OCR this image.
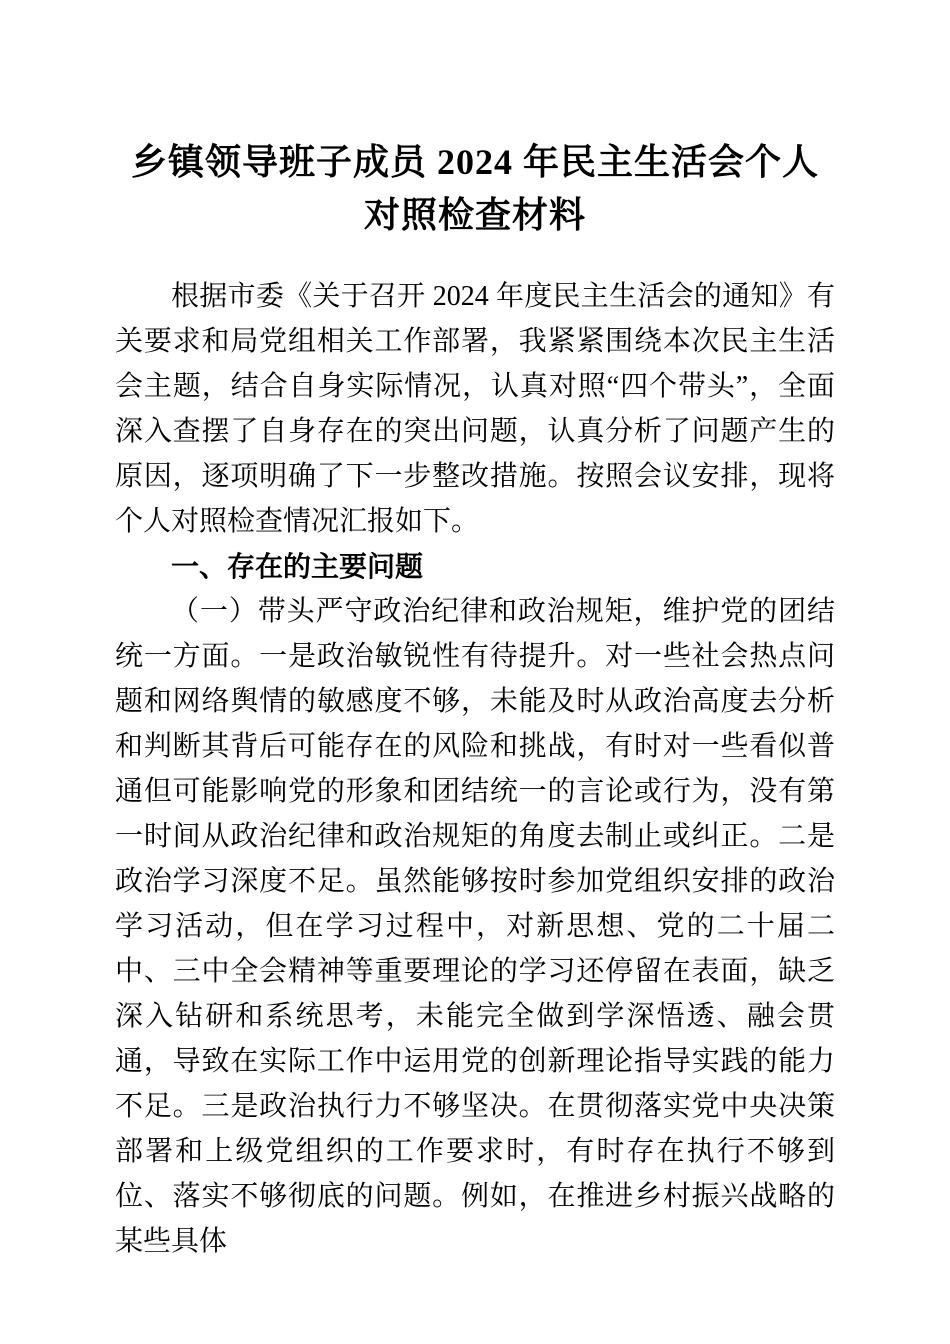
乡镇领导班子成员 2024 年民主生活会个人对照检查材料

根据市委《关于召开 2024 年度民主生活会的通知》有关要求和局党组相关工作部署，我紧紧围绕本次民主生活会主题，结合自身实际情况，认真对照“四个带头”，全面深入查摆了自身存在的突出问题，认真分析了问题产生的原因，逐项明确了下一步整改措施。按照会议安排，现将个人对照检查情况汇报如下。

一、存在的主要问题

（一）带头严守政治纪律和政治规矩，维护党的团结统一方面。一是政治敏锐性有待提升。对一些社会热点问题和网络舆情的敏感度不够，未能及时从政治高度去分析和判断其背后可能存在的风险和挑战，有时对一些看似普通但可能影响党的形象和团结统一的言论或行为，没有第一时间从政治纪律和政治规矩的角度去制止或纠正。二是政治学习深度不足。虽然能够按时参加党组织安排的政治学习活动，但在学习过程中，对新思想、党的二十届二中、三中全会精神等重要理论的学习还停留在表面，缺乏深入钻研和系统思考，未能完全做到学深悟透、融会贯通，导致在实际工作中运用党的创新理论指导实践的能力不足。三是政治执行力不够坚决。在贯彻落实党中央决策部署和上级党组织的工作要求时，有时存在执行不够到位、落实不够彻底的问题。例如，在推进乡村振兴战略的某些具体
